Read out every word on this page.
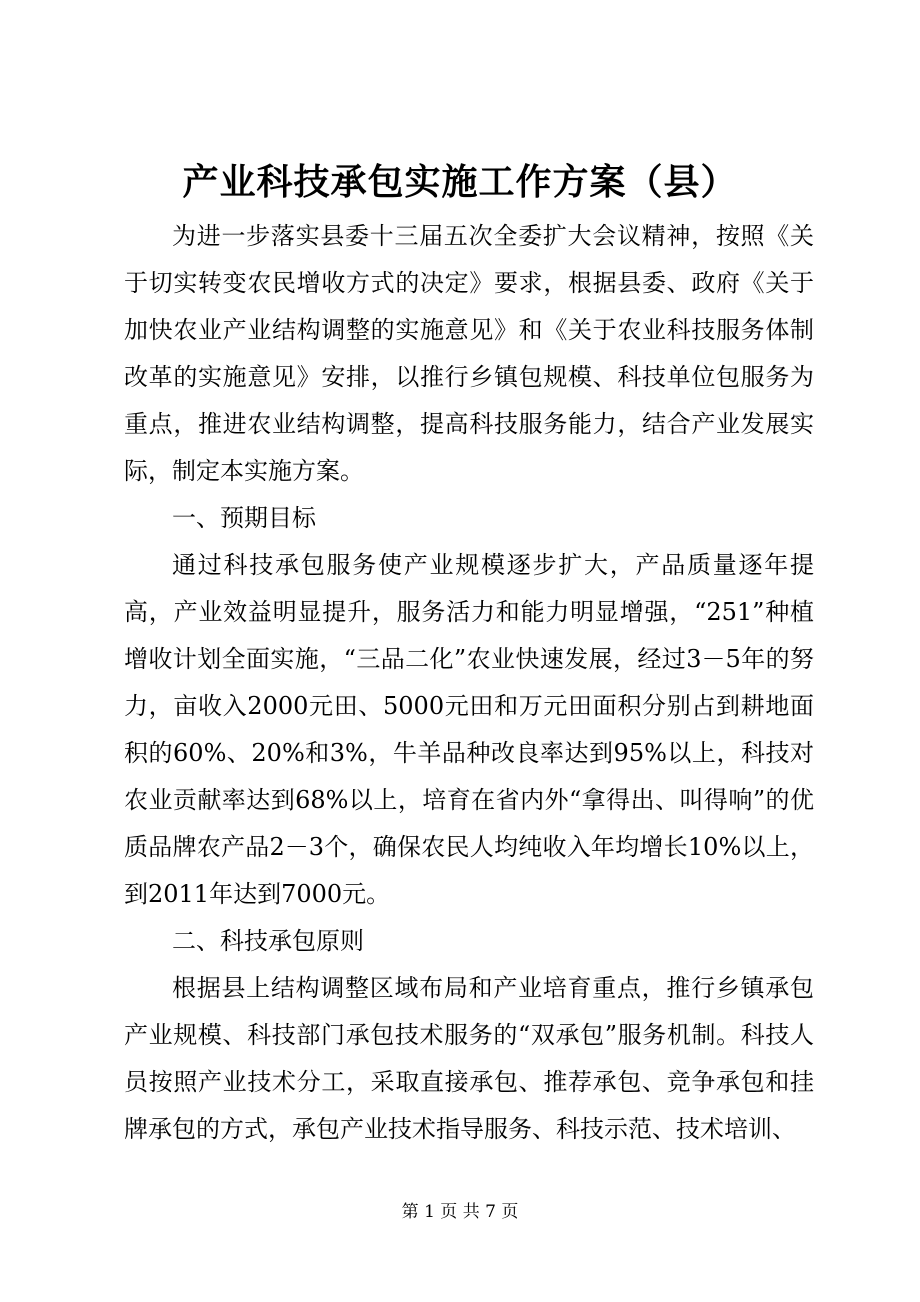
产业科技承包实施工作方案（县）

为进一步落实县委十三届五次全委扩大会议精神，按照《关于切实转变农民增收方式的决定》要求，根据县委、政府《关于加快农业产业结构调整的实施意见》和《关于农业科技服务体制改革的实施意见》安排，以推行乡镇包规模、科技单位包服务为重点，推进农业结构调整，提高科技服务能力，结合产业发展实际，制定本实施方案。

一、预期目标

通过科技承包服务使产业规模逐步扩大，产品质量逐年提高，产业效益明显提升，服务活力和能力明显增强，“251”种植增收计划全面实施，“三品二化”农业快速发展，经过3－5年的努力，亩收入2000元田、5000元田和万元田面积分别占到耕地面积的60%、20%和3%，牛羊品种改良率达到95%以上，科技对农业贡献率达到68%以上，培育在省内外“拿得出、叫得响”的优质品牌农产品2－3个，确保农民人均纯收入年均增长10%以上，到2011年达到7000元。

二、科技承包原则

根据县上结构调整区域布局和产业培育重点，推行乡镇承包产业规模、科技部门承包技术服务的“双承包”服务机制。科技人员按照产业技术分工，采取直接承包、推荐承包、竞争承包和挂牌承包的方式，承包产业技术指导服务、科技示范、技术培训、

第 1 页 共 7 页
